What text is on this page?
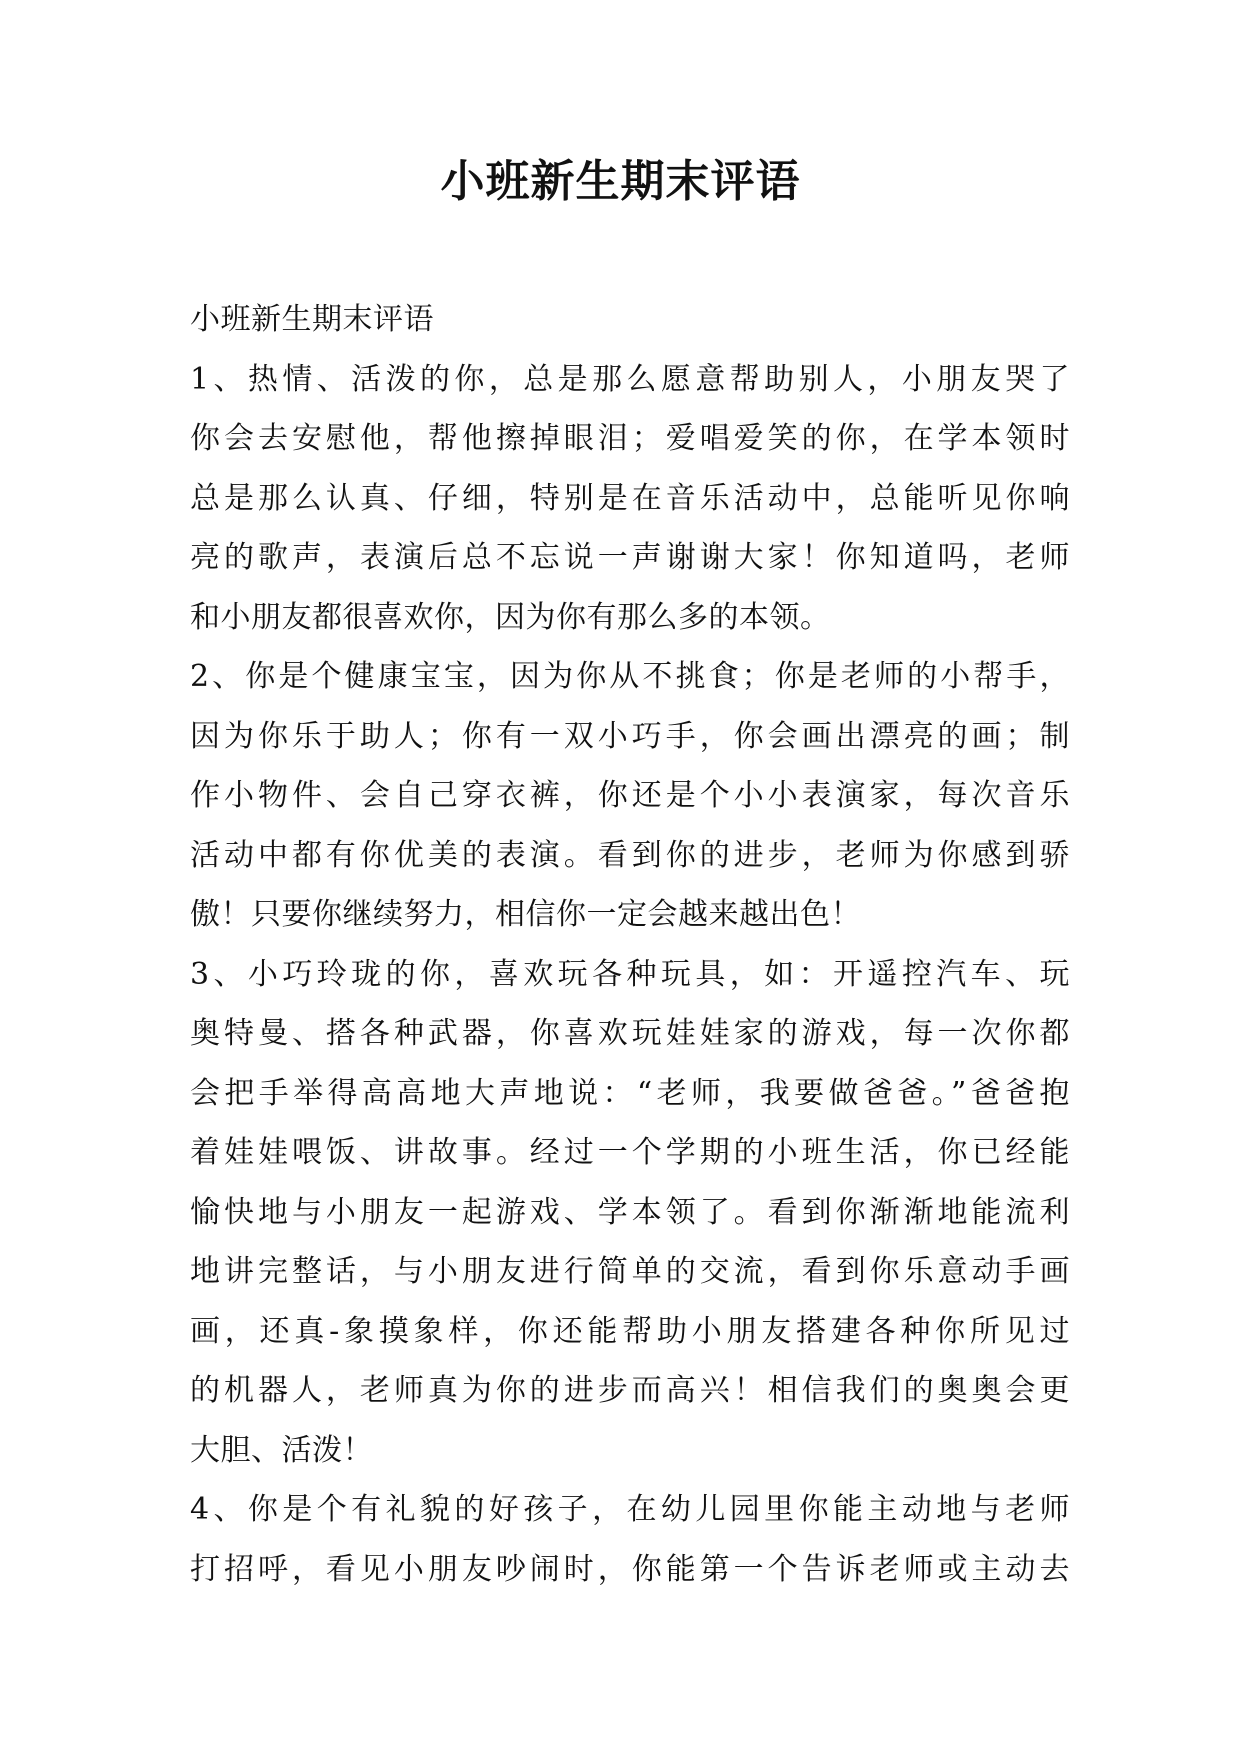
小班新生期末评语
小班新生期末评语
1、热情、活泼的你，总是那么愿意帮助别人，小朋友哭了
你会去安慰他，帮他擦掉眼泪；爱唱爱笑的你，在学本领时
总是那么认真、仔细，特别是在音乐活动中，总能听见你响
亮的歌声，表演后总不忘说一声谢谢大家！你知道吗，老师
和小朋友都很喜欢你，因为你有那么多的本领。
2、你是个健康宝宝，因为你从不挑食；你是老师的小帮手，
因为你乐于助人；你有一双小巧手，你会画出漂亮的画；制
作小物件、会自己穿衣裤，你还是个小小表演家，每次音乐
活动中都有你优美的表演。看到你的进步，老师为你感到骄
傲！只要你继续努力，相信你一定会越来越出色！
3、小巧玲珑的你，喜欢玩各种玩具，如：开遥控汽车、玩
奥特曼、搭各种武器，你喜欢玩娃娃家的游戏，每一次你都
会把手举得高高地大声地说：“老师，我要做爸爸。”爸爸抱
着娃娃喂饭、讲故事。经过一个学期的小班生活，你已经能
愉快地与小朋友一起游戏、学本领了。看到你渐渐地能流利
地讲完整话，与小朋友进行简单的交流，看到你乐意动手画
画，还真-象摸象样，你还能帮助小朋友搭建各种你所见过
的机器人，老师真为你的进步而高兴！相信我们的奥奥会更
大胆、活泼！
4、你是个有礼貌的好孩子，在幼儿园里你能主动地与老师
打招呼，看见小朋友吵闹时，你能第一个告诉老师或主动去
